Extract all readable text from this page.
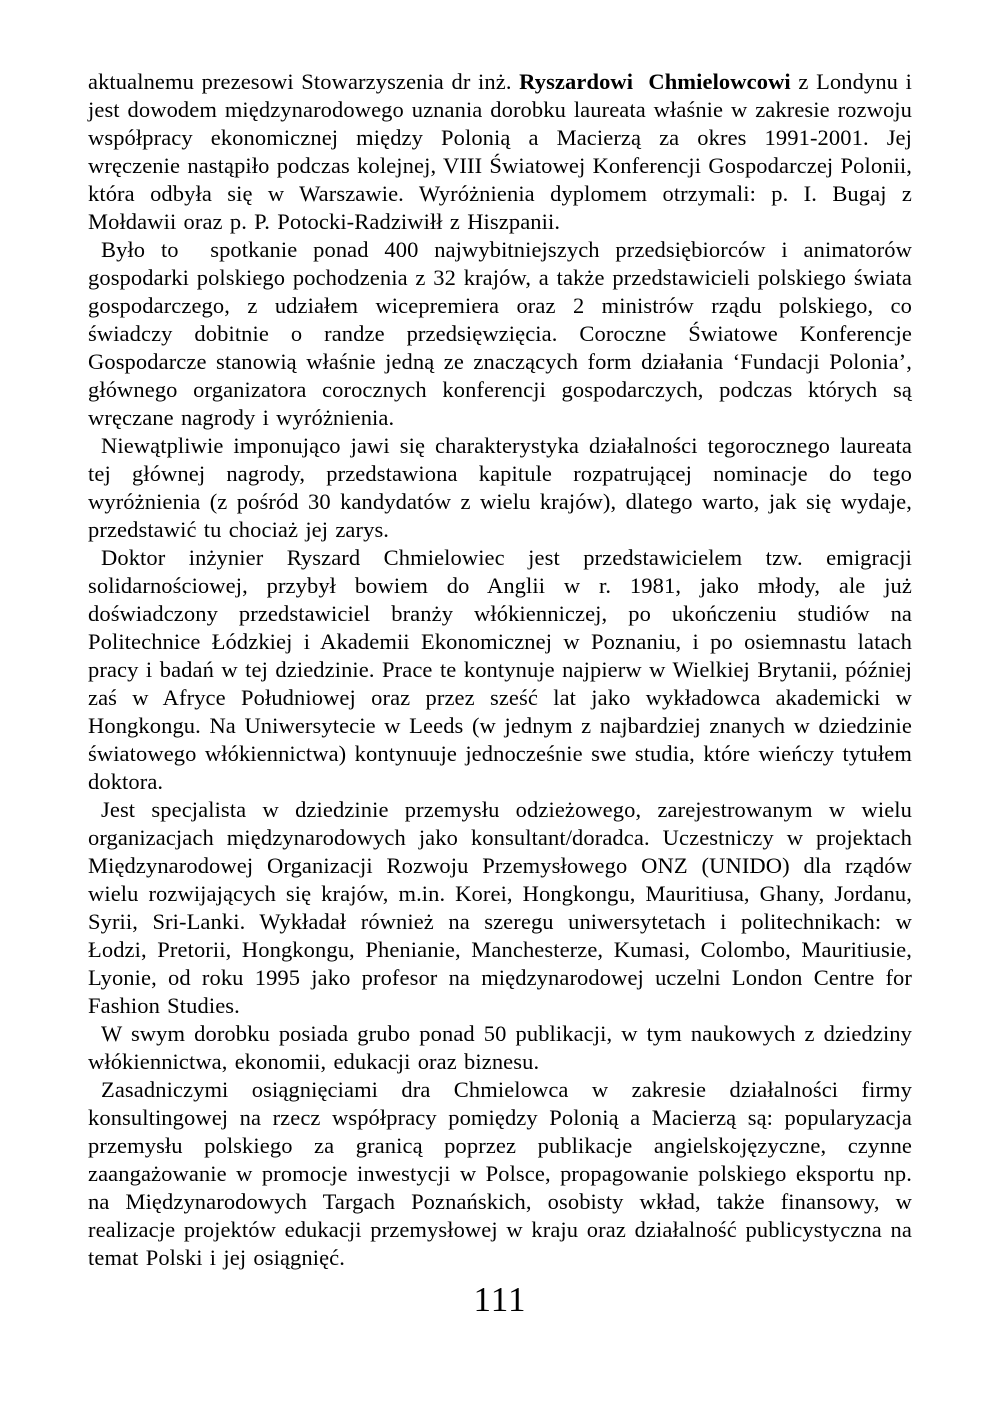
aktualnemu prezesowi Stowarzyszenia dr inż. Ryszardowi  Chmielowcowi z Londynu i jest dowodem międzynarodowego uznania dorobku laureata właśnie w zakresie rozwoju współpracy ekonomicznej między Polonią a Macierzą za okres 1991-2001. Jej wręczenie nastąpiło podczas kolejnej, VIII Światowej Konferencji Gospodarczej Polonii, która odbyła się w Warszawie. Wyróżnienia dyplomem otrzymali: p. I. Bugaj z Mołdawii oraz p. P. Potocki-Radziwiłł z Hiszpanii.

Było to  spotkanie ponad 400 najwybitniejszych przedsiębiorców i animatorów gospodarki polskiego pochodzenia z 32 krajów, a także przedstawicieli polskiego świata gospodarczego, z udziałem wicepremiera oraz 2 ministrów rządu polskiego, co świadczy dobitnie o randze przedsięwzięcia. Coroczne Światowe Konferencje Gospodarcze stanowią właśnie jedną ze znaczących form działania ‘Fundacji Polonia’, głównego organizatora corocznych konferencji gospodarczych, podczas których są wręczane nagrody i wyróżnienia.

Niewątpliwie imponująco jawi się charakterystyka działalności tegorocznego laureata tej głównej nagrody, przedstawiona kapitule rozpatrującej nominacje do tego wyróżnienia (z pośród 30 kandydatów z wielu krajów), dlatego warto, jak się wydaje, przedstawić tu chociaż jej zarys.

Doktor inżynier Ryszard Chmielowiec jest przedstawicielem tzw. emigracji solidarnościowej, przybył bowiem do Anglii w r. 1981, jako młody, ale już doświadczony przedstawiciel branży włókienniczej, po ukończeniu studiów na Politechnice Łódzkiej i Akademii Ekonomicznej w Poznaniu, i po osiemnastu latach pracy i badań w tej dziedzinie. Prace te kontynuje najpierw w Wielkiej Brytanii, później zaś w Afryce Południowej oraz przez sześć lat jako wykładowca akademicki w Hongkongu. Na Uniwersytecie w Leeds (w jednym z najbardziej znanych w dziedzinie światowego włókiennictwa) kontynuuje jednocześnie swe studia, które wieńczy tytułem doktora.

Jest specjalista w dziedzinie przemysłu odzieżowego, zarejestrowanym w wielu organizacjach międzynarodowych jako konsultant/doradca. Uczestniczy w projektach Międzynarodowej Organizacji Rozwoju Przemysłowego ONZ (UNIDO) dla rządów wielu rozwijających się krajów, m.in. Korei, Hongkongu, Mauritiusa, Ghany, Jordanu, Syrii, Sri-Lanki. Wykładał również na szeregu uniwersytetach i politechnikach: w Łodzi, Pretorii, Hongkongu, Phenianie, Manchesterze, Kumasi, Colombo, Mauritiusie, Lyonie, od roku 1995 jako profesor na międzynarodowej uczelni London Centre for Fashion Studies.

W swym dorobku posiada grubo ponad 50 publikacji, w tym naukowych z dziedziny włókiennictwa, ekonomii, edukacji oraz biznesu.

Zasadniczymi osiągnięciami dra Chmielowca w zakresie działalności firmy konsultingowej na rzecz współpracy pomiędzy Polonią a Macierzą są: popularyzacja przemysłu polskiego za granicą poprzez publikacje angielskojęzyczne, czynne zaangażowanie w promocje inwestycji w Polsce, propagowanie polskiego eksportu np. na Międzynarodowych Targach Poznańskich, osobisty wkład, także finansowy, w realizacje projektów edukacji przemysłowej w kraju oraz działalność publicystyczna na temat Polski i jej osiągnięć.

111
